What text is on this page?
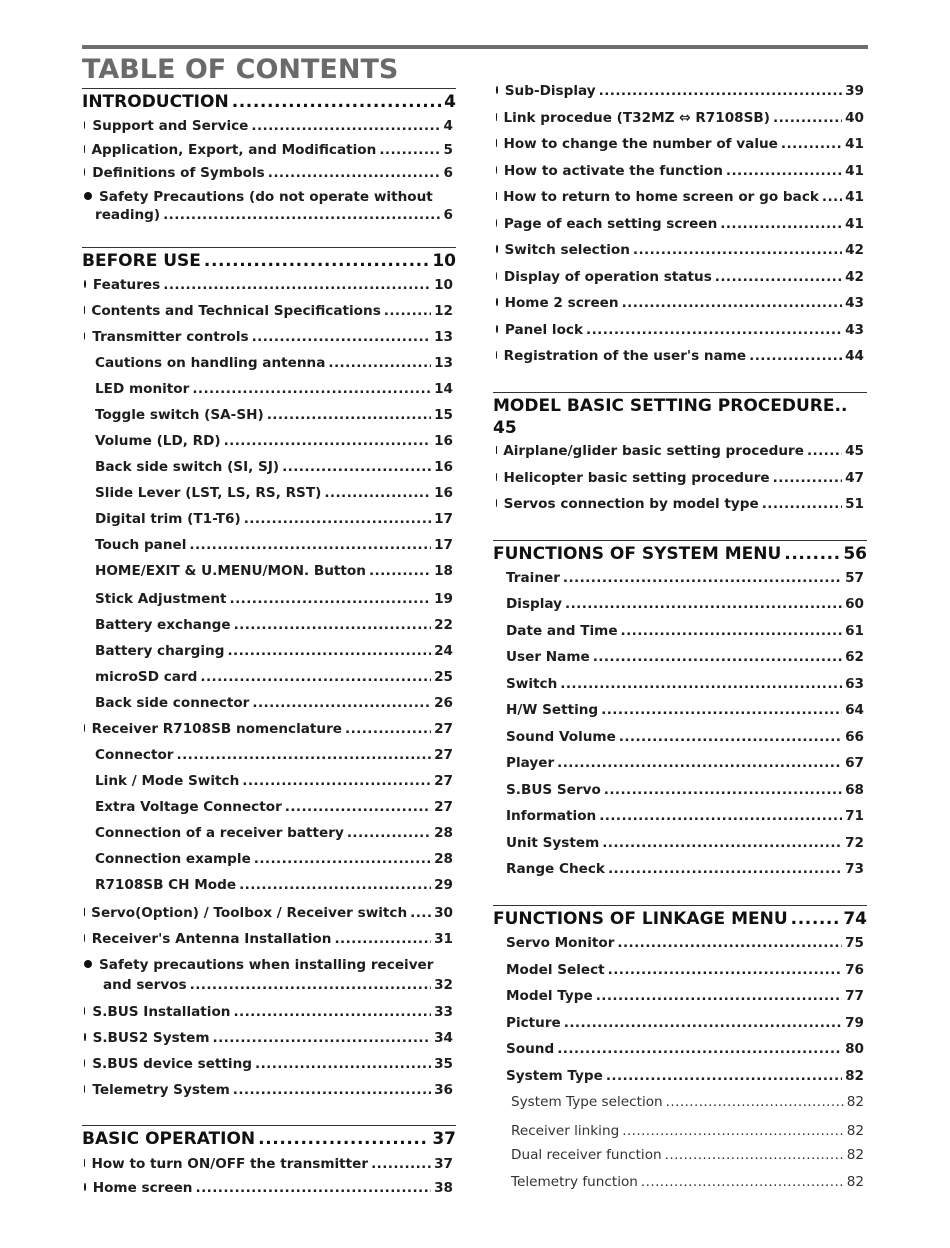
TABLE OF CONTENTS
INTRODUCTION .....	4
Support and Service .....	4
Application, Export, and Modification .....	5
Definitions of Symbols .....	6
Safety Precautions (do not operate without
reading) .....	6
BEFORE USE .....	10
Features .....	10
Contents and Technical Specifications .....	12
Transmitter controls .....	13
Cautions on handling antenna .....	13
LED monitor .....	14
Toggle switch (SA-SH) .....	15
Volume (LD, RD) .....	16
Back side switch (SI, SJ) .....	16
Slide Lever (LST, LS, RS, RST) .....	16
Digital trim (T1-T6) .....	17
Touch panel .....	17
HOME/EXIT & U.MENU/MON. Button .....	18
Stick Adjustment .....	19
Battery exchange .....	22
Battery charging .....	24
microSD card .....	25
Back side connector .....	26
Receiver R7108SB nomenclature .....	27
Connector .....	27
Link / Mode Switch .....	27
Extra Voltage Connector .....	27
Connection of a receiver battery .....	28
Connection example .....	28
R7108SB CH Mode .....	29
Servo(Option) / Toolbox / Receiver switch ..... 30
Receiver's Antenna Installation .....	31
Safety precautions when installing receiver
and servos .....	32
S.BUS Installation .....	33
S.BUS2 System .....	34
S.BUS device setting .....	35
Telemetry System .....	36
BASIC OPERATION .....	37
How to turn ON/OFF the transmitter .....	37
Home screen .....	38
Sub-Display .....	39
Link procedue (T32MZ ⇔ R7108SB) .....	40
How to change the number of value .....	41
How to activate the function .....	41
How to return to home screen or go back ..... 41
Page of each setting screen .....	41
Switch selection .....	42
Display of operation status .....	42
Home 2 screen .....	43
Panel lock .....	43
Registration of the user's name .....	44
MODEL BASIC SETTING PROCEDURE..
45
Airplane/glider basic setting procedure .....	45
Helicopter basic setting procedure .....	47
Servos connection by model type .....	51
FUNCTIONS OF SYSTEM MENU .....	56
Trainer .....	57
Display .....	60
Date and Time .....	61
User Name .....	62
Switch .....	63
H/W Setting .....	64
Sound Volume .....	66
Player .....	67
S.BUS Servo .....	68
Information .....	71
Unit System .....	72
Range Check .....	73
FUNCTIONS OF LINKAGE MENU .....	74
Servo Monitor .....	75
Model Select .....	76
Model Type .....	77
Picture .....	79
Sound .....	80
System Type .....	82
System Type selection .....	82
Receiver linking .....	82
Dual receiver function .....	82
Telemetry function .....	82
